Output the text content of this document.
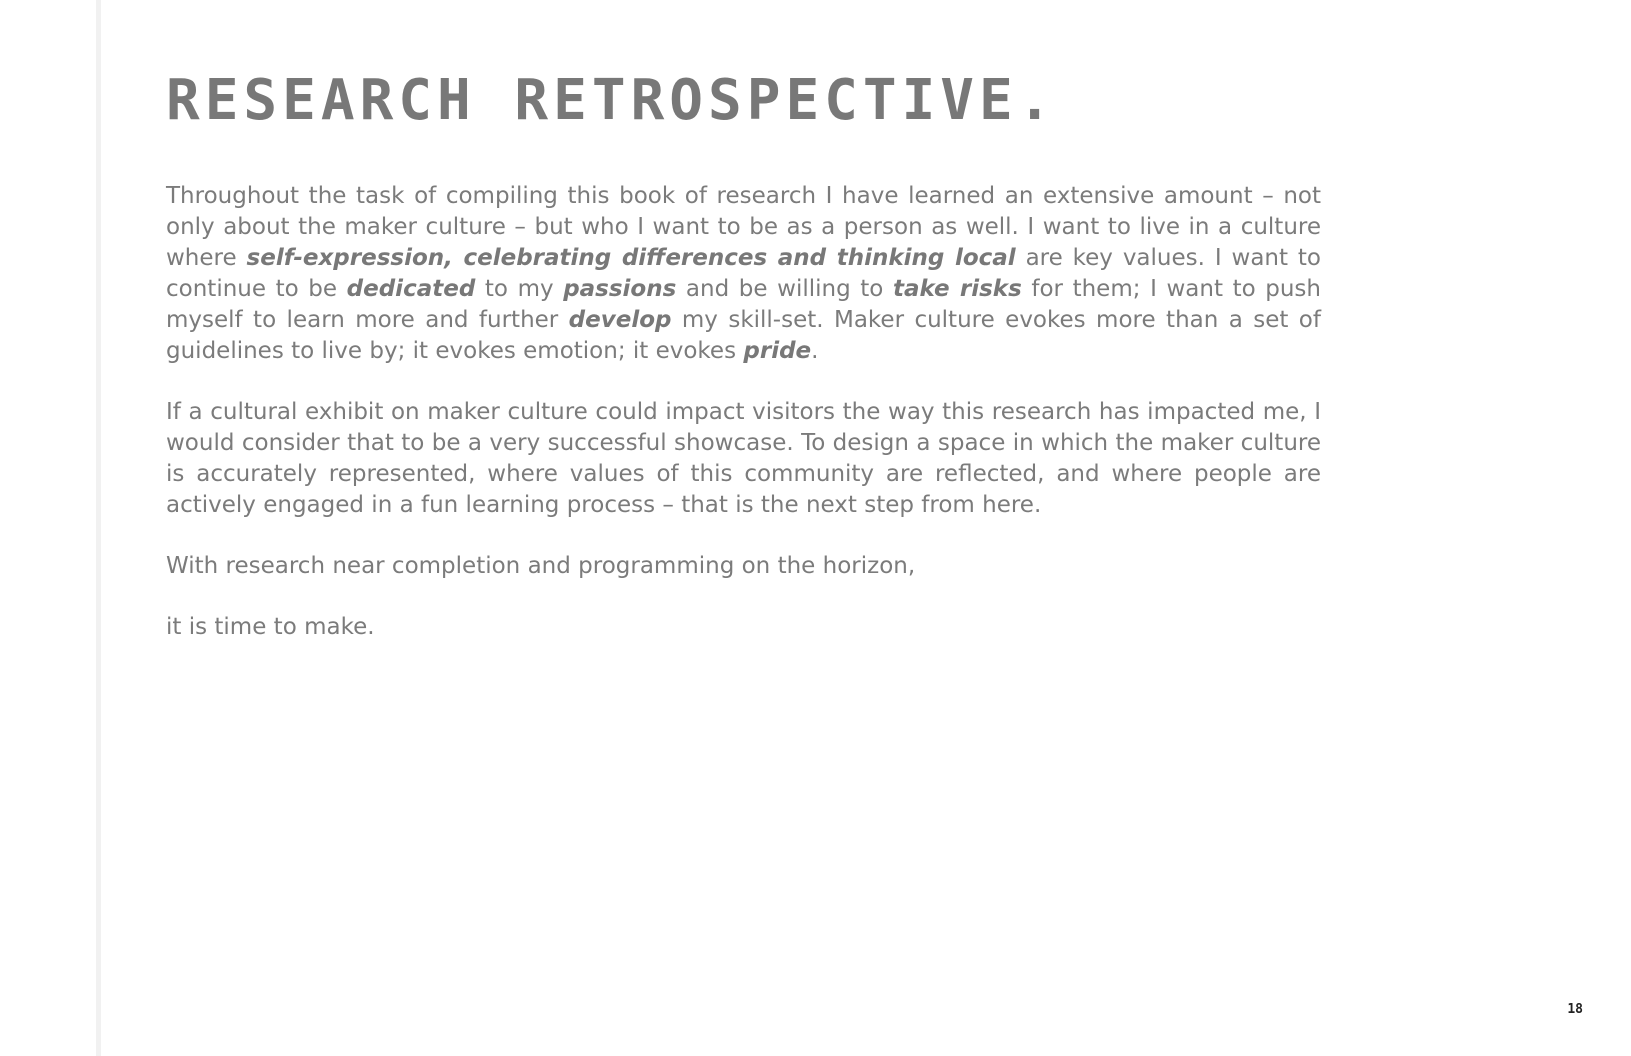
RESEARCH RETROSPECTIVE.

Throughout the task of compiling this book of research I have learned an extensive amount – not only about the maker culture – but who I want to be as a person as well. I want to live in a culture where self-expression, celebrating differences and thinking local are key values. I want to continue to be dedicated to my passions and be willing to take risks for them; I want to push myself to learn more and further develop my skill-set. Maker culture evokes more than a set of guidelines to live by; it evokes emotion; it evokes pride.

If a cultural exhibit on maker culture could impact visitors the way this research has impacted me, I would consider that to be a very successful showcase. To design a space in which the maker culture is accurately represented, where values of this community are reflected, and where people are actively engaged in a fun learning process – that is the next step from here.

With research near completion and programming on the horizon,

it is time to make.

18
